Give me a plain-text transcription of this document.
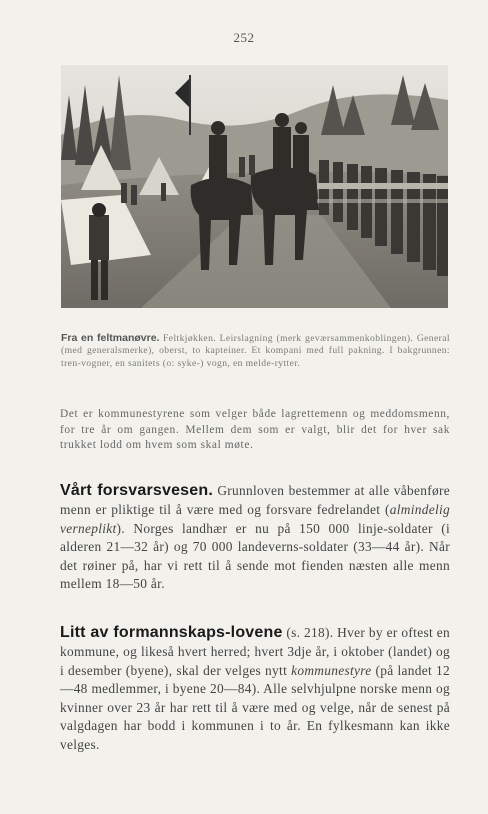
252

Fra en feltmanøvre. Feltkjøkken. Leirslagning (merk geværsammenkoblingen). General (med generalsmerke), oberst, to kapteiner. Et kompani med full pakning. I bakgrunnen: tren-vogner, en sanitets (o: syke-) vogn, en melde-rytter.

Det er kommunestyrene som velger både lagrettemenn og meddomsmenn, for tre år om gangen. Mellem dem som er valgt, blir det for hver sak trukket lodd om hvem som skal møte.

Vårt forsvarsvesen. Grunnloven bestemmer at alle våbenføre menn er pliktige til å være med og forsvare fedrelandet (almindelig verneplikt). Norges landhær er nu på 150 000 linje-soldater (i alderen 21—32 år) og 70 000 landeverns-soldater (33—44 år). Når det røiner på, har vi rett til å sende mot fienden næsten alle menn mellem 18—50 år.

Litt av formannskaps-lovene (s. 218). Hver by er oftest en kommune, og likeså hvert herred; hvert 3dje år, i oktober (landet) og i desember (byene), skal der velges nytt kommunestyre (på landet 12—48 medlemmer, i byene 20—84). Alle selvhjulpne norske menn og kvinner over 23 år har rett til å være med og velge, når de senest på valgdagen har bodd i kommunen i to år. En fylkesmann kan ikke velges.
